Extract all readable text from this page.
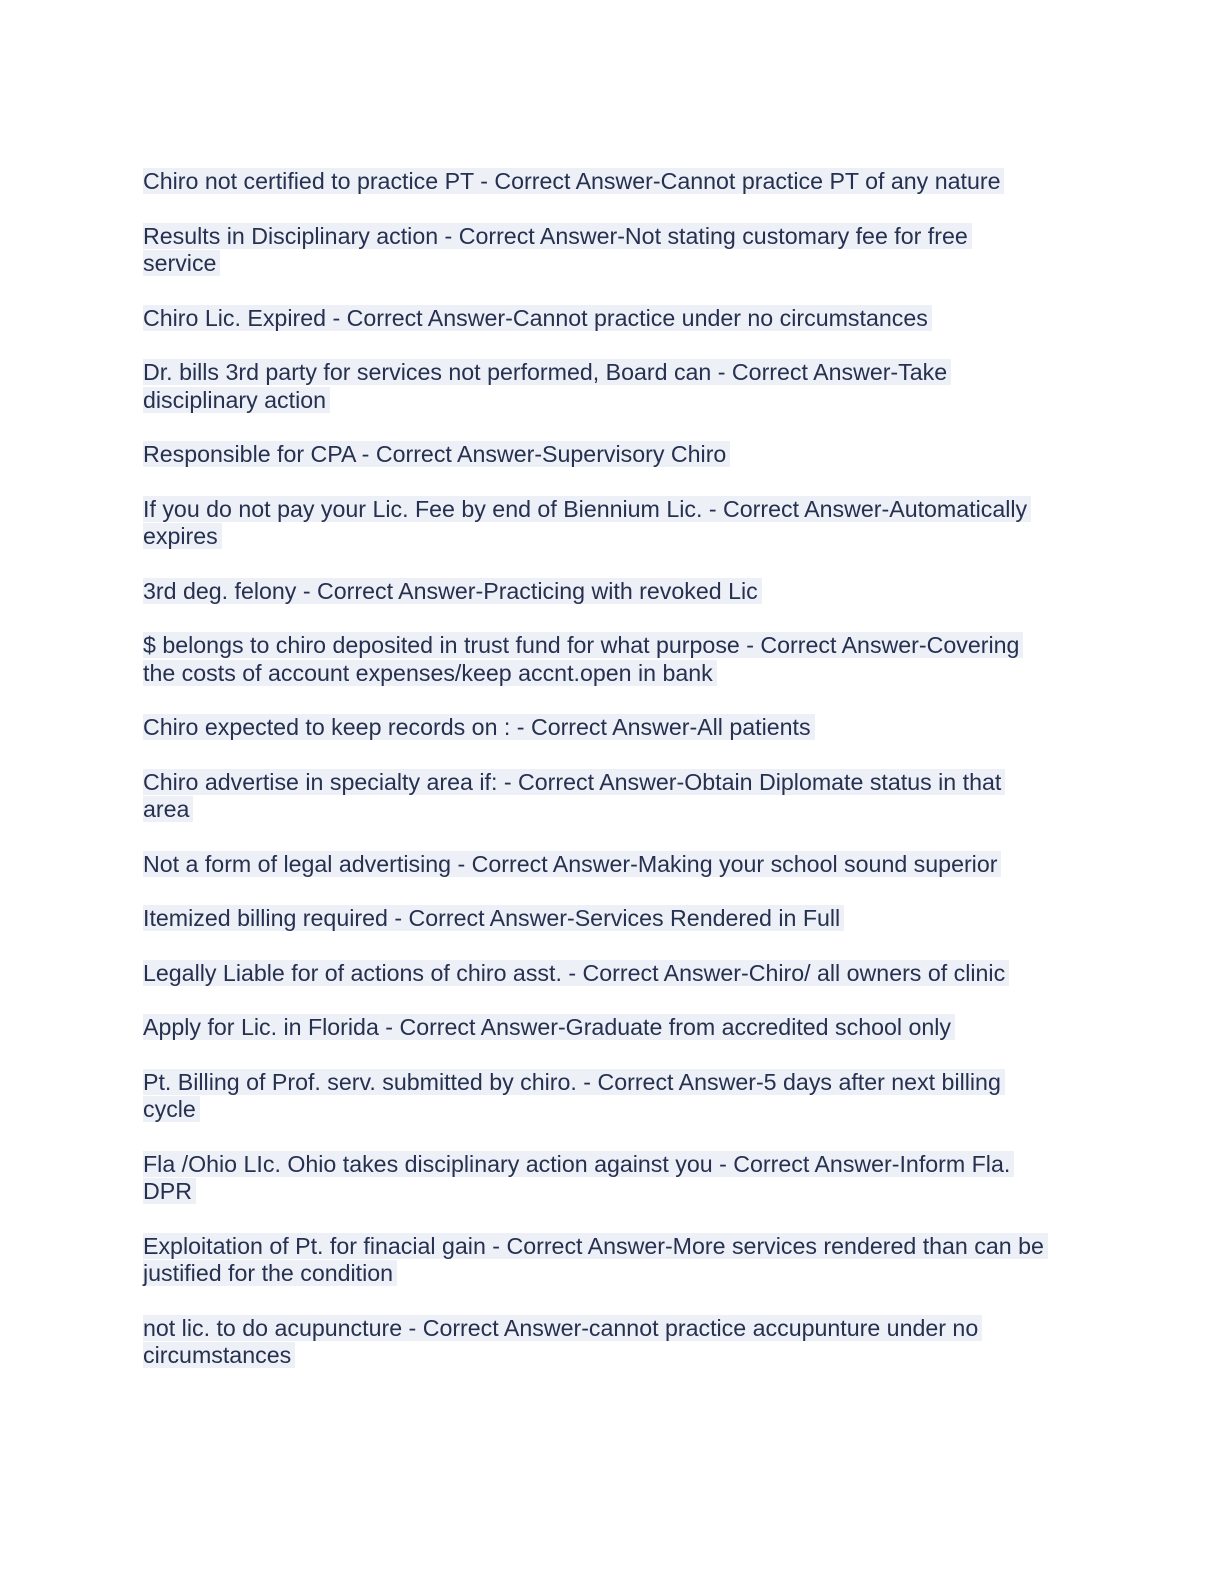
Chiro not certified to practice PT - Correct Answer-Cannot practice PT of any nature
Results in Disciplinary action - Correct Answer-Not stating customary fee for free
service
Chiro Lic. Expired - Correct Answer-Cannot practice under no circumstances
Dr. bills 3rd party for services not performed, Board can - Correct Answer-Take
disciplinary action
Responsible for CPA - Correct Answer-Supervisory Chiro
If you do not pay your Lic. Fee by end of Biennium Lic. - Correct Answer-Automatically
expires
3rd deg. felony - Correct Answer-Practicing with revoked Lic
$ belongs to chiro deposited in trust fund for what purpose - Correct Answer-Covering
the costs of account expenses/keep accnt.open in bank
Chiro expected to keep records on : - Correct Answer-All patients
Chiro advertise in specialty area if: - Correct Answer-Obtain Diplomate status in that
area
Not a form of legal advertising - Correct Answer-Making your school sound superior
Itemized billing required - Correct Answer-Services Rendered in Full
Legally Liable for of actions of chiro asst. - Correct Answer-Chiro/ all owners of clinic
Apply for Lic. in Florida - Correct Answer-Graduate from accredited school only
Pt. Billing of Prof. serv. submitted by chiro. - Correct Answer-5 days after next billing
cycle
Fla /Ohio LIc. Ohio takes disciplinary action against you - Correct Answer-Inform Fla.
DPR
Exploitation of Pt. for finacial gain - Correct Answer-More services rendered than can be
justified for the condition
not lic. to do acupuncture - Correct Answer-cannot practice accupunture under no
circumstances
